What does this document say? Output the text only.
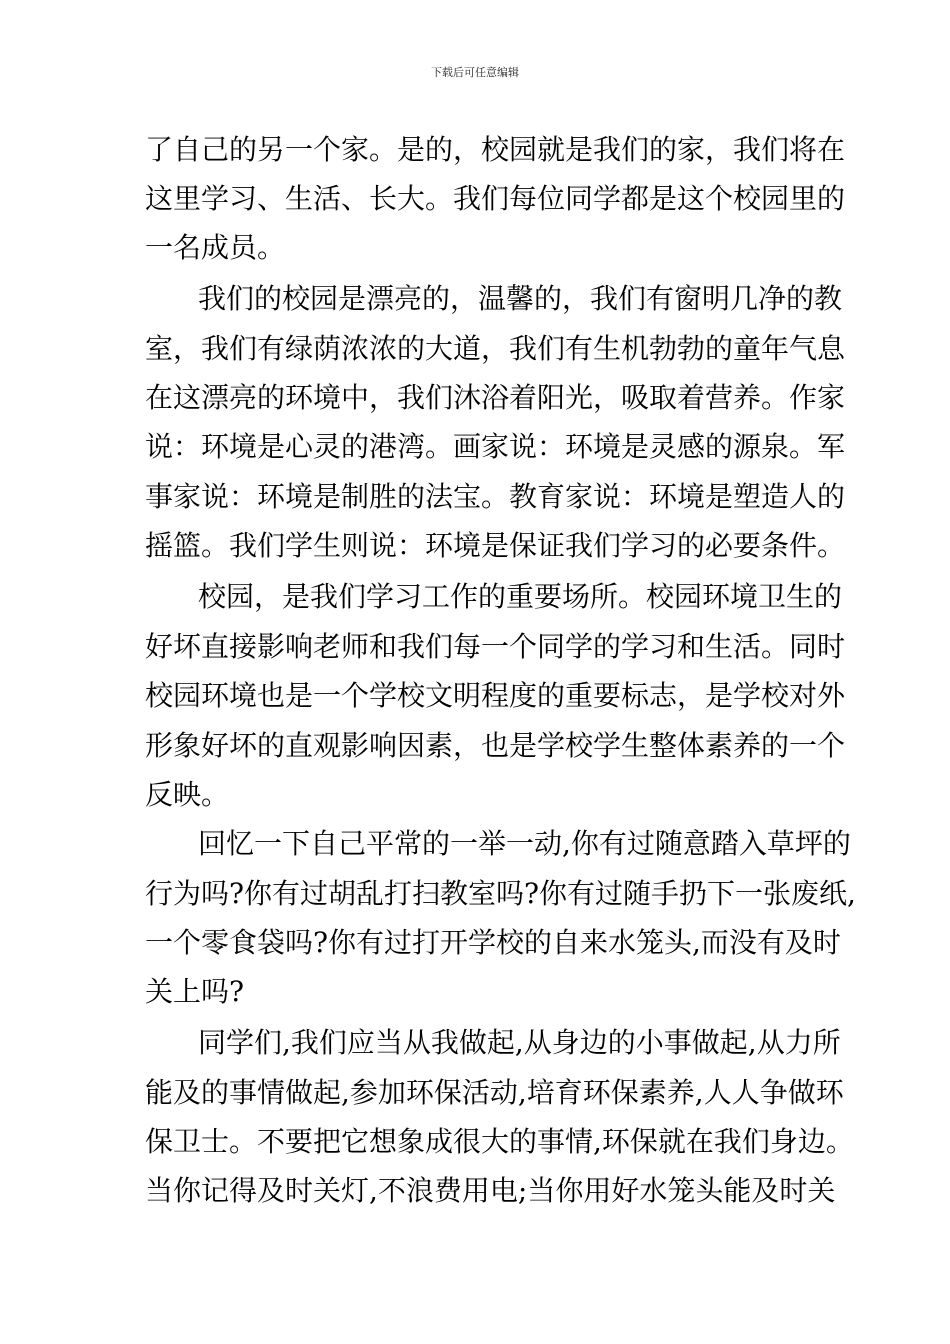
下载后可任意编辑
了自己的另一个家。是的，校园就是我们的家，我们将在
这里学习、生活、长大。我们每位同学都是这个校园里的
一名成员。
我们的校园是漂亮的，温馨的，我们有窗明几净的教
室，我们有绿荫浓浓的大道，我们有生机勃勃的童年气息
在这漂亮的环境中，我们沐浴着阳光，吸取着营养。作家
说：环境是心灵的港湾。画家说：环境是灵感的源泉。军
事家说：环境是制胜的法宝。教育家说：环境是塑造人的
摇篮。我们学生则说：环境是保证我们学习的必要条件。
校园，是我们学习工作的重要场所。校园环境卫生的
好坏直接影响老师和我们每一个同学的学习和生活。同时
校园环境也是一个学校文明程度的重要标志，是学校对外
形象好坏的直观影响因素，也是学校学生整体素养的一个
反映。
回忆一下自己平常的一举一动,你有过随意踏入草坪的
行为吗?你有过胡乱打扫教室吗?你有过随手扔下一张废纸,
一个零食袋吗?你有过打开学校的自来水笼头,而没有及时
关上吗?
同学们,我们应当从我做起,从身边的小事做起,从力所
能及的事情做起,参加环保活动,培育环保素养,人人争做环
保卫士。不要把它想象成很大的事情,环保就在我们身边。
当你记得及时关灯,不浪费用电;当你用好水笼头能及时关
